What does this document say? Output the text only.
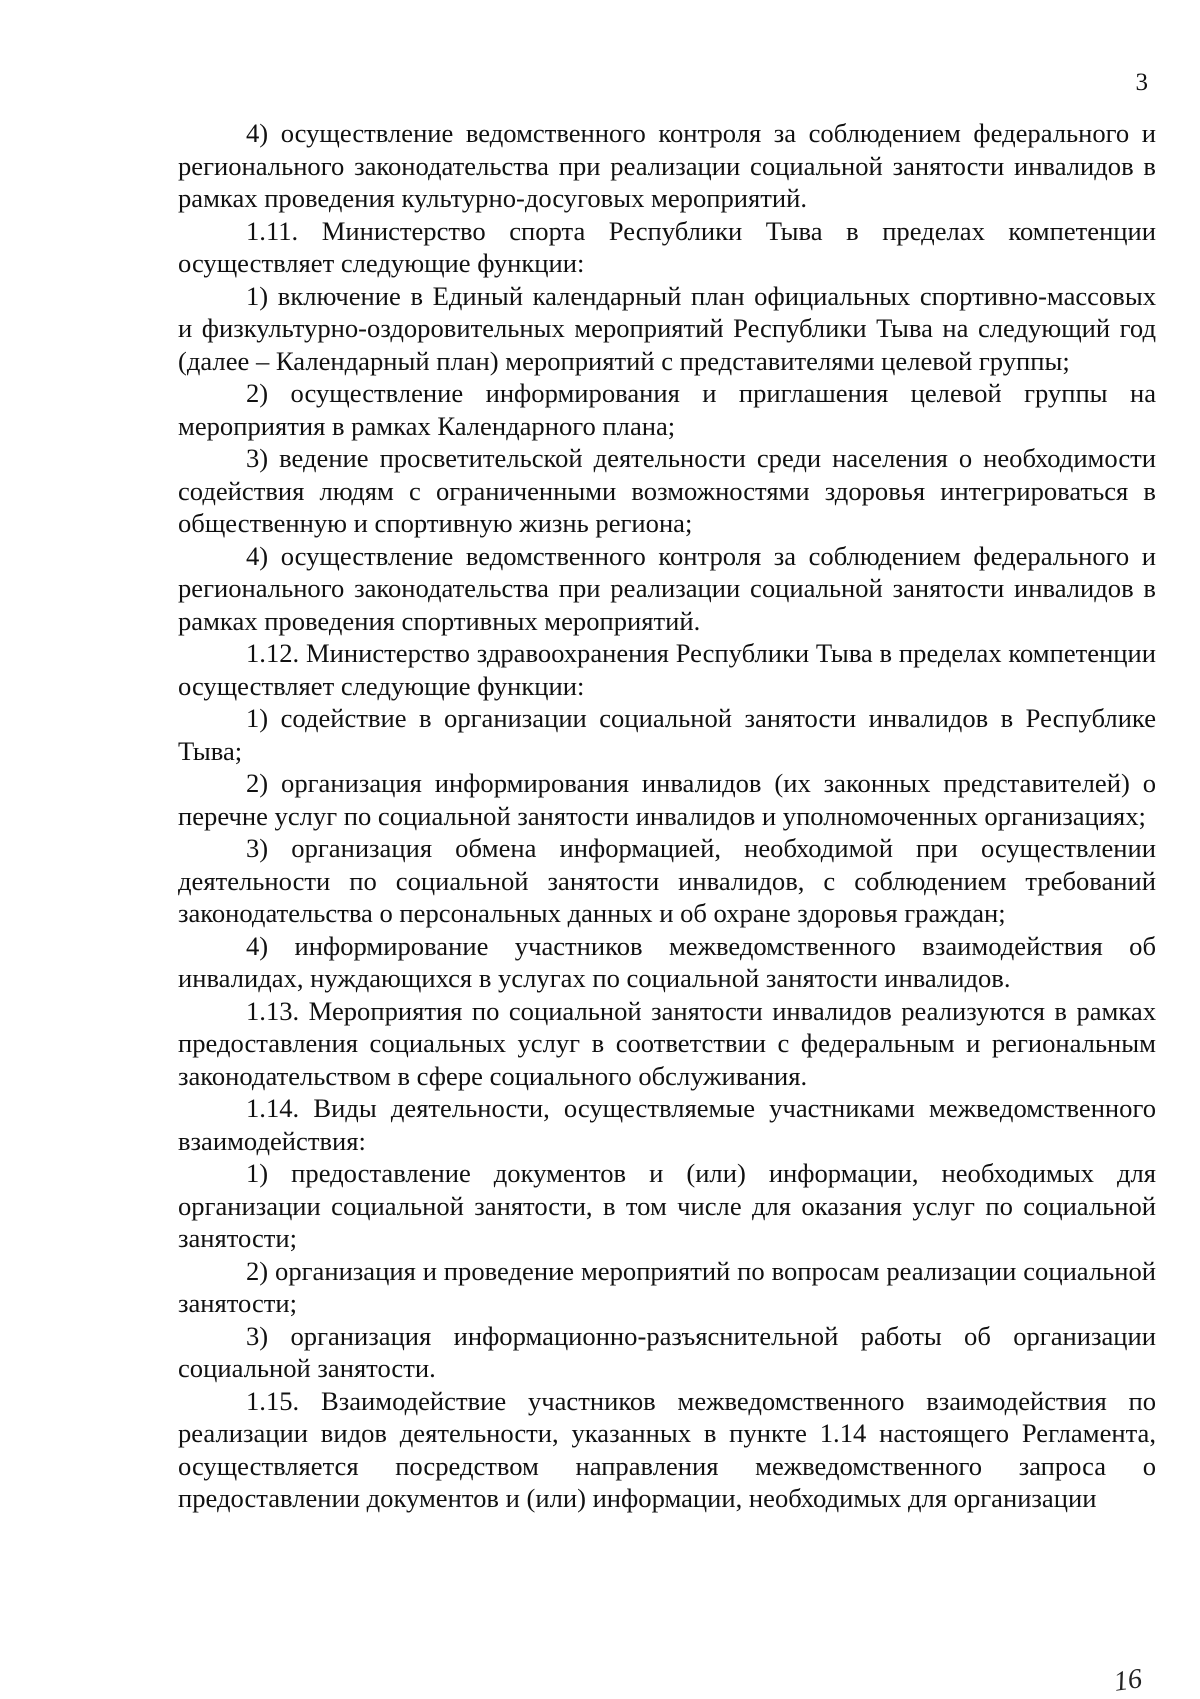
3

4) осуществление ведомственного контроля за соблюдением федерального и регионального законодательства при реализации социальной занятости инвалидов в рамках проведения культурно-досуговых мероприятий.

1.11. Министерство спорта Республики Тыва в пределах компетенции осуществляет следующие функции:

1) включение в Единый календарный план официальных спортивно-массовых и физкультурно-оздоровительных мероприятий Республики Тыва на следующий год (далее – Календарный план) мероприятий с представителями целевой группы;

2) осуществление информирования и приглашения целевой группы на мероприятия в рамках Календарного плана;

3) ведение просветительской деятельности среди населения о необходимости содействия людям с ограниченными возможностями здоровья интегрироваться в общественную и спортивную жизнь региона;

4) осуществление ведомственного контроля за соблюдением федерального и регионального законодательства при реализации социальной занятости инвалидов в рамках проведения спортивных мероприятий.

1.12. Министерство здравоохранения Республики Тыва в пределах компетенции осуществляет следующие функции:

1) содействие в организации социальной занятости инвалидов в Республике Тыва;

2) организация информирования инвалидов (их законных представителей) о перечне услуг по социальной занятости инвалидов и уполномоченных организациях;

3) организация обмена информацией, необходимой при осуществлении деятельности по социальной занятости инвалидов, с соблюдением требований законодательства о персональных данных и об охране здоровья граждан;

4) информирование участников межведомственного взаимодействия об инвалидах, нуждающихся в услугах по социальной занятости инвалидов.

1.13. Мероприятия по социальной занятости инвалидов реализуются в рамках предоставления социальных услуг в соответствии с федеральным и региональным законодательством в сфере социального обслуживания.

1.14. Виды деятельности, осуществляемые участниками межведомственного взаимодействия:

1) предоставление документов и (или) информации, необходимых для организации социальной занятости, в том числе для оказания услуг по социальной занятости;

2) организация и проведение мероприятий по вопросам реализации социальной занятости;

3) организация информационно-разъяснительной работы об организации социальной занятости.

1.15. Взаимодействие участников межведомственного взаимодействия по реализации видов деятельности, указанных в пункте 1.14 настоящего Регламента, осуществляется посредством направления межведомственного запроса о предоставлении документов и (или) информации, необходимых для организации

16
